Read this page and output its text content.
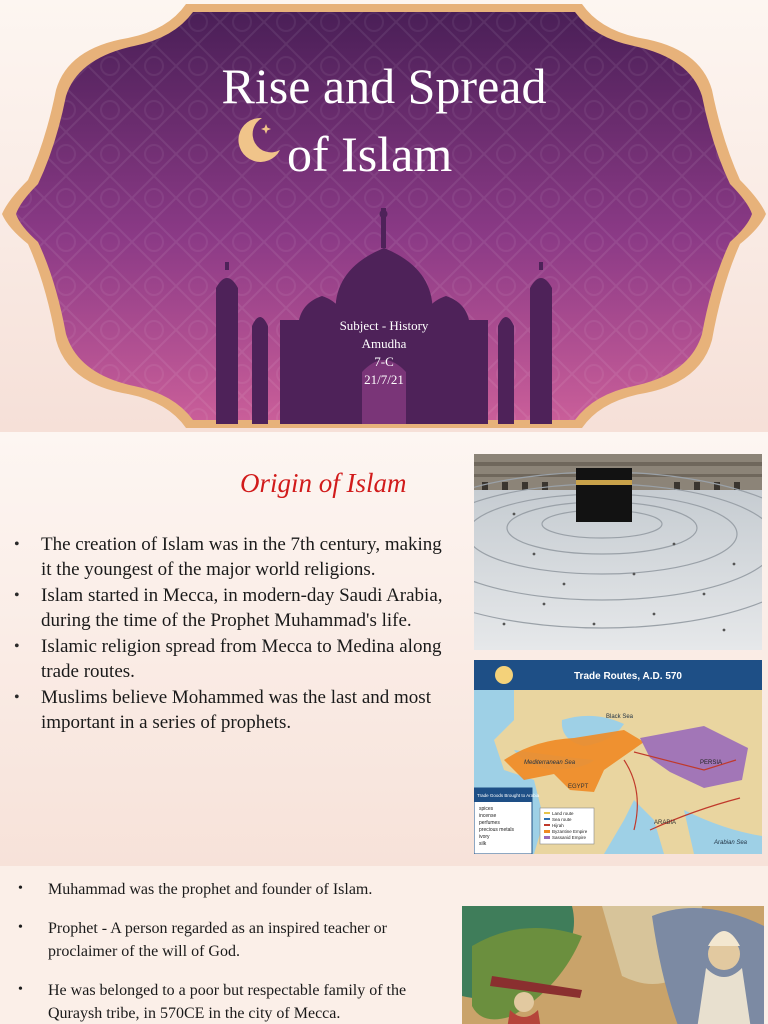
Rise and Spread
of Islam
Subject - History
Amudha
7-C
21/7/21
Origin of Islam
• The creation of Islam was in the 7th century, making it the youngest of the major world religions.
• Islam started in Mecca, in modern-day Saudi Arabia, during the time of the Prophet Muhammad's life.
• Islamic religion spread from Mecca to Medina along trade routes.
• Muslims believe Mohammed was the last and most important in a series of prophets.
Trade Routes, A.D. 570
Black Sea
Mediterranean Sea
EGYPT
ARABIA
Arabian Sea
PERSIA
Trade Goods Brought to Arabia
spices
incense
perfumes
precious metals
ivory
silk
Land route
Sea route
Hijrah
Byzantine Empire
Sassanid Empire
• Muhammad was the prophet and founder of Islam.
• Prophet - A person regarded as an inspired teacher or proclaimer of the will of God.
• He was belonged to a poor but respectable family of the Quraysh tribe, in 570CE in the city of Mecca.
